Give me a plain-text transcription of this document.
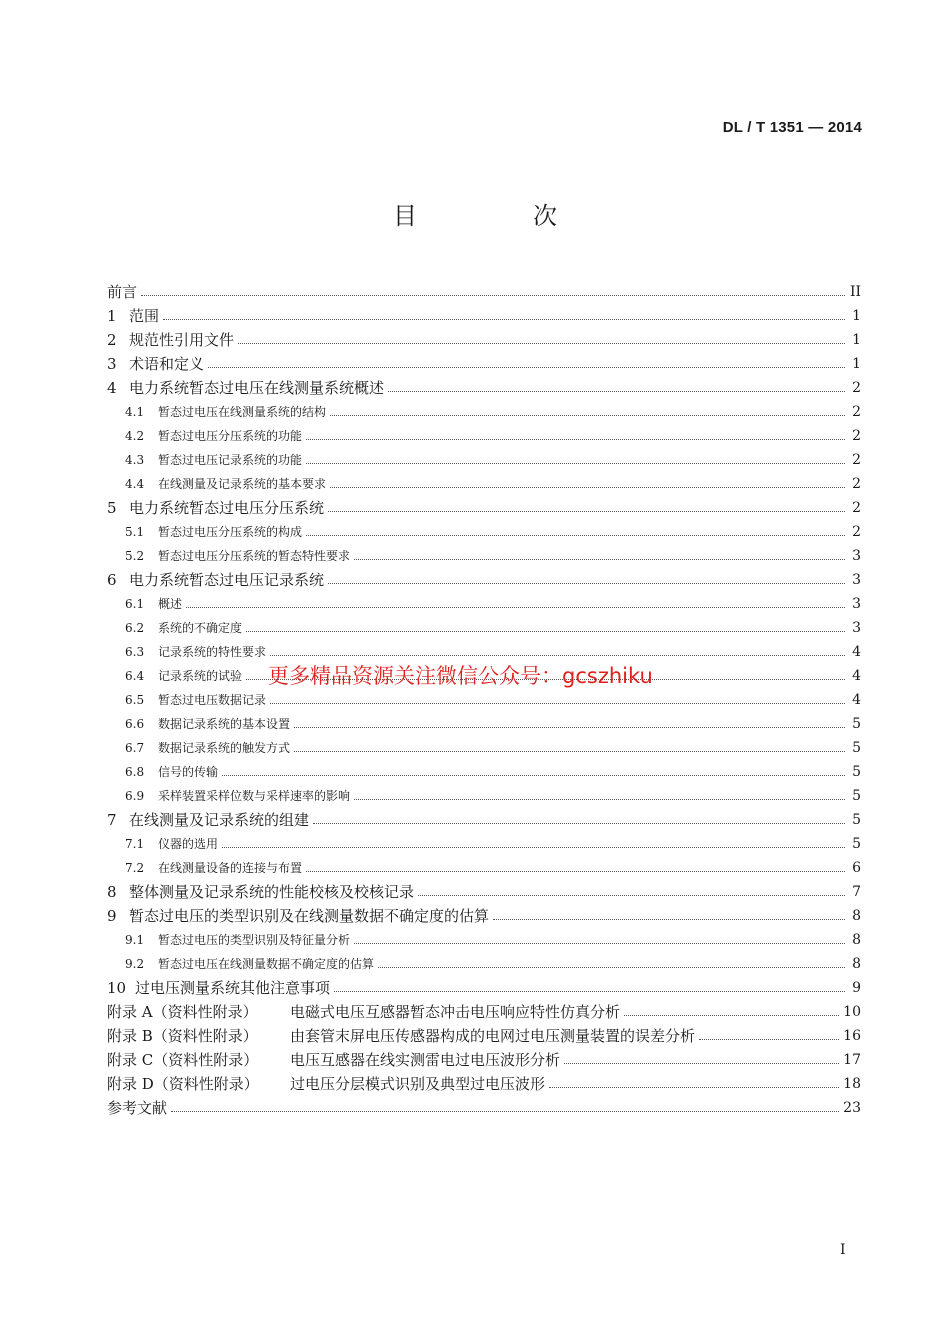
DL / T 1351 — 2014
目　次
前言	II
1 范围	1
2 规范性引用文件	1
3 术语和定义	1
4 电力系统暂态过电压在线测量系统概述	2
4.1	暂态过电压在线测量系统的结构	2
4.2	暂态过电压分压系统的功能	2
4.3	暂态过电压记录系统的功能	2
4.4	在线测量及记录系统的基本要求	2
5 电力系统暂态过电压分压系统	2
5.1	暂态过电压分压系统的构成	2
5.2	暂态过电压分压系统的暂态特性要求	3
6 电力系统暂态过电压记录系统	3
6.1	概述	3
6.2	系统的不确定度	3
6.3	记录系统的特性要求	4
6.4	记录系统的试验	4
6.5	暂态过电压数据记录	4
6.6	数据记录系统的基本设置	5
6.7	数据记录系统的触发方式	5
6.8	信号的传输	5
6.9	采样装置采样位数与采样速率的影响	5
7 在线测量及记录系统的组建	5
7.1	仪器的选用	5
7.2	在线测量设备的连接与布置	6
8 整体测量及记录系统的性能校核及校核记录	7
9 暂态过电压的类型识别及在线测量数据不确定度的估算	8
9.1	暂态过电压的类型识别及特征量分析	8
9.2	暂态过电压在线测量数据不确定度的估算	8
10 过电压测量系统其他注意事项	9
附录 A（资料性附录）	电磁式电压互感器暂态冲击电压响应特性仿真分析	10
附录 B（资料性附录）	由套管末屏电压传感器构成的电网过电压测量装置的误差分析	16
附录 C（资料性附录）	电压互感器在线实测雷电过电压波形分析	17
附录 D（资料性附录）	过电压分层模式识别及典型过电压波形	18
参考文献	23
更多精品资源关注微信公众号：gcszhiku
I
